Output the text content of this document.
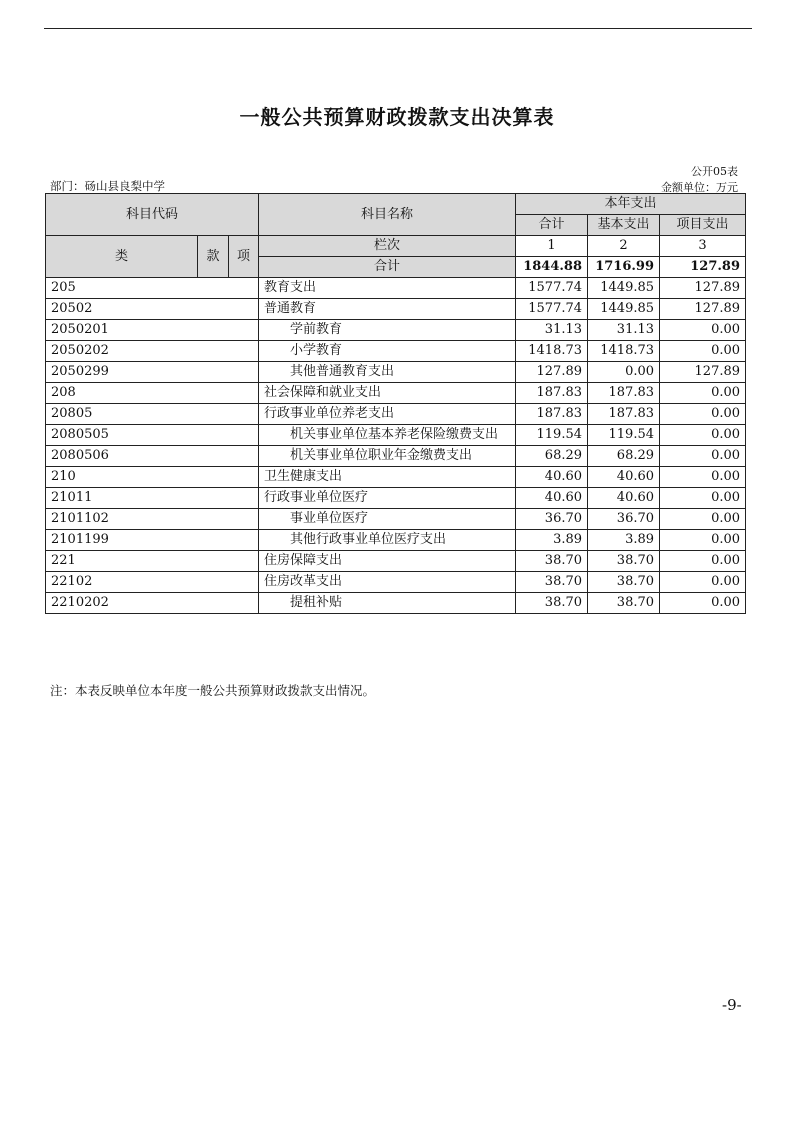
一般公共预算财政拨款支出决算表
公开05表
部门：砀山县良梨中学	金额单位：万元
科目代码			科目名称	本年支出		
				合计	基本支出	项目支出
类	款	项	栏次	1	2	3
			合计	1844.88	1716.99	127.89
205			教育支出	1577.74	1449.85	127.89
20502			普通教育	1577.74	1449.85	127.89
2050201			学前教育	31.13	31.13	0.00
2050202			小学教育	1418.73	1418.73	0.00
2050299			其他普通教育支出	127.89	0.00	127.89
208			社会保障和就业支出	187.83	187.83	0.00
20805			行政事业单位养老支出	187.83	187.83	0.00
2080505			机关事业单位基本养老保险缴费支出	119.54	119.54	0.00
2080506			机关事业单位职业年金缴费支出	68.29	68.29	0.00
210			卫生健康支出	40.60	40.60	0.00
21011			行政事业单位医疗	40.60	40.60	0.00
2101102			事业单位医疗	36.70	36.70	0.00
2101199			其他行政事业单位医疗支出	3.89	3.89	0.00
221			住房保障支出	38.70	38.70	0.00
22102			住房改革支出	38.70	38.70	0.00
2210202			提租补贴	38.70	38.70	0.00
注：本表反映单位本年度一般公共预算财政拨款支出情况。
-9-
